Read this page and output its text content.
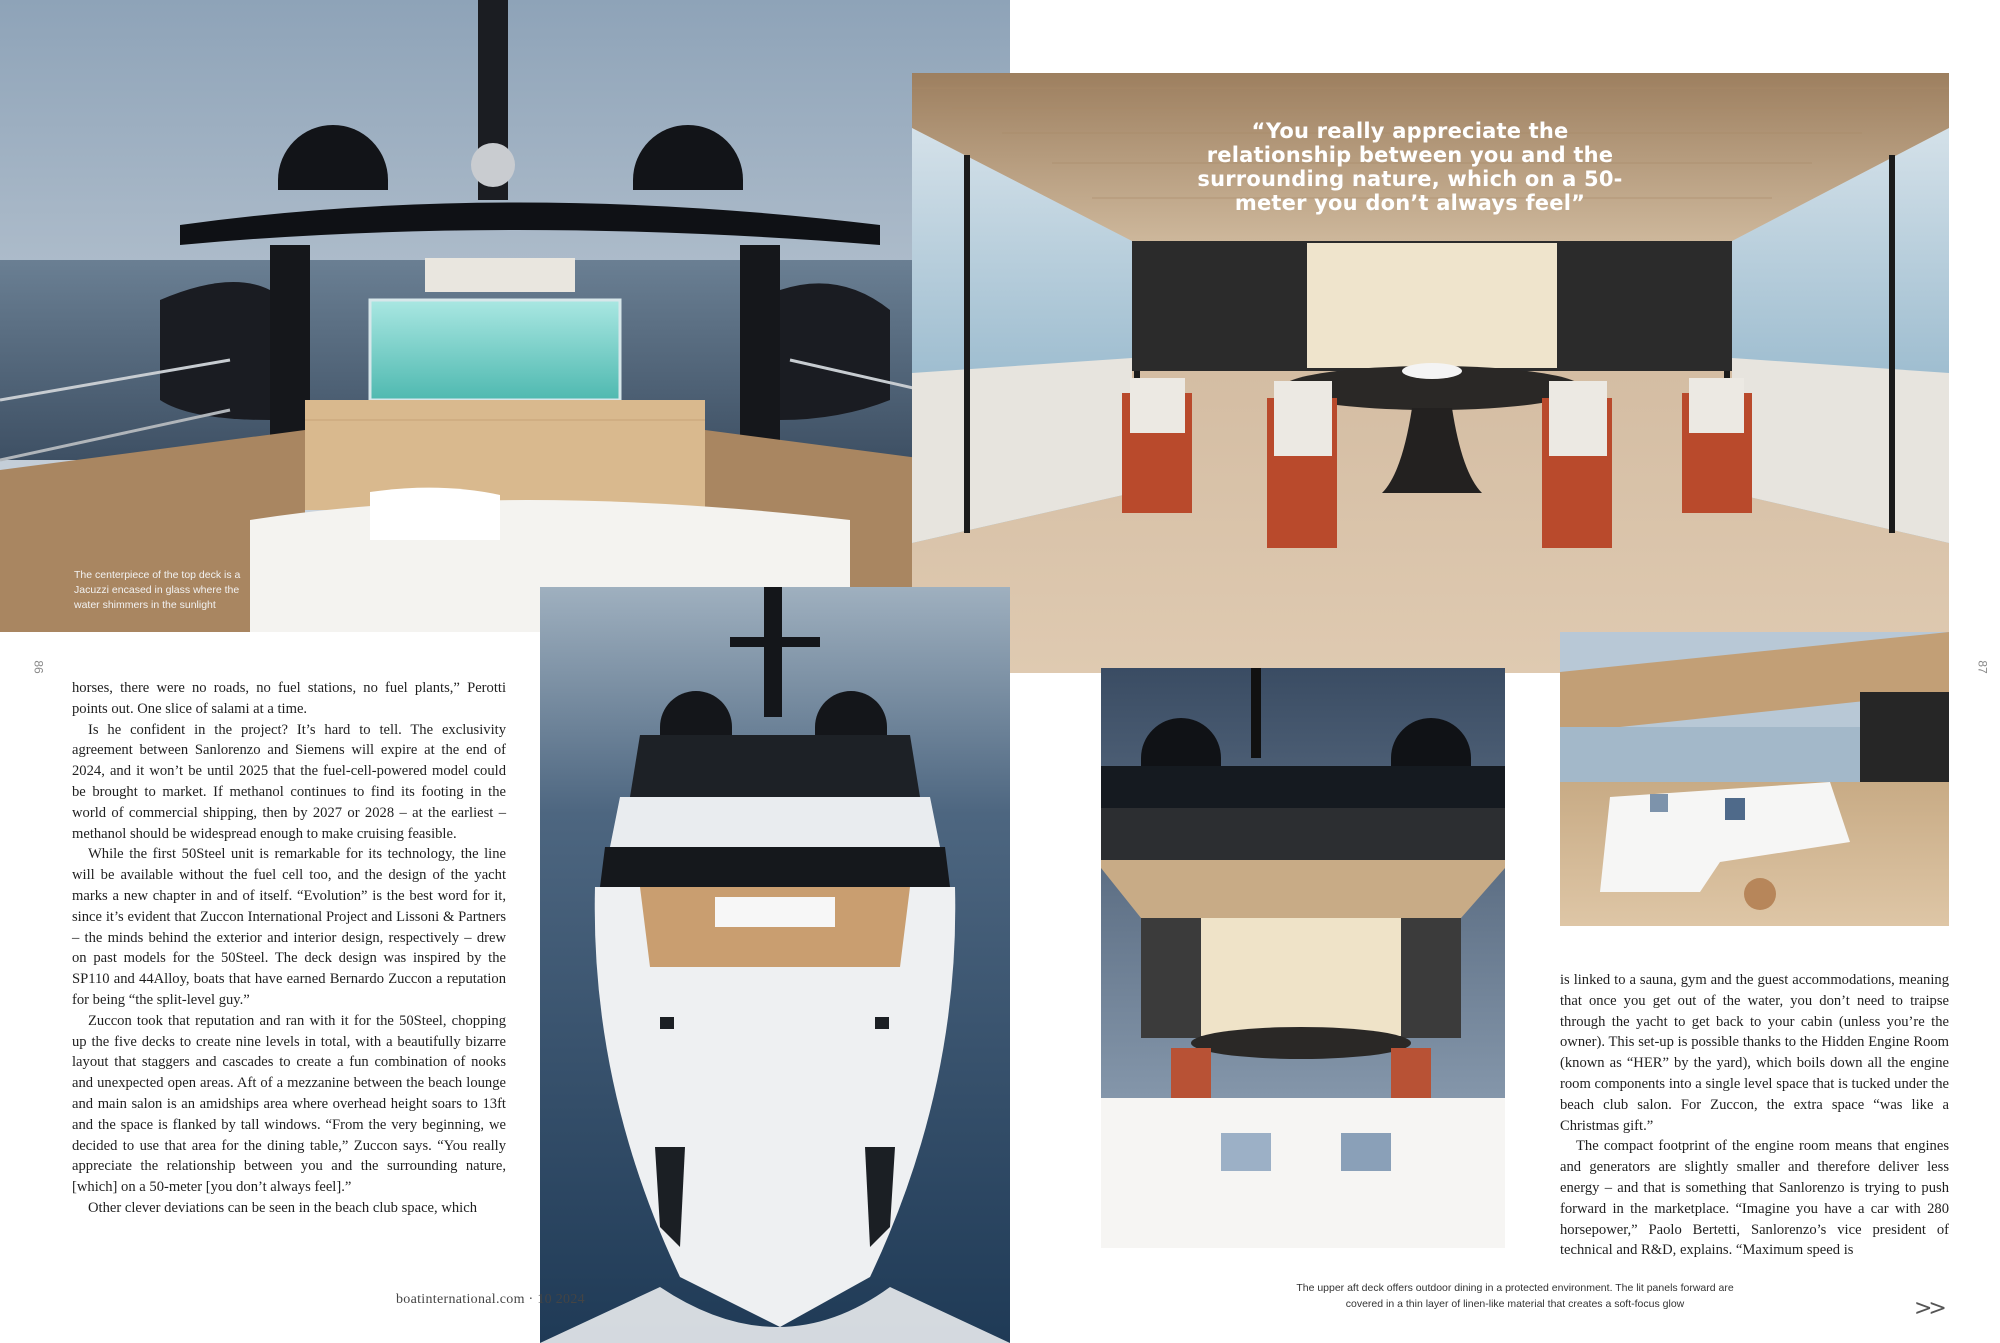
The centerpiece of the top deck is a Jacuzzi encased in glass where the water shimmers in the sunlight
“You really appreciate the relationship between you and the surrounding nature, which on a 50-meter you don’t always feel”
86	87

horses, there were no roads, no fuel stations, no fuel plants,” Perotti points out. One slice of salami at a time.

Is he confident in the project? It’s hard to tell. The exclusivity agreement between Sanlorenzo and Siemens will expire at the end of 2024, and it won’t be until 2025 that the fuel-cell-powered model could be brought to market. If methanol continues to find its footing in the world of commercial shipping, then by 2027 or 2028 – at the earliest – methanol should be widespread enough to make cruising feasible.

While the first 50Steel unit is remarkable for its technology, the line will be available without the fuel cell too, and the design of the yacht marks a new chapter in and of itself. “Evolution” is the best word for it, since it’s evident that Zuccon International Project and Lissoni & Partners – the minds behind the exterior and interior design, respectively – drew on past models for the 50Steel. The deck design was inspired by the SP110 and 44Alloy, boats that have earned Bernardo Zuccon a reputation for being “the split-level guy.”

Zuccon took that reputation and ran with it for the 50Steel, chopping up the five decks to create nine levels in total, with a beautifully bizarre layout that staggers and cascades to create a fun combination of nooks and unexpected open areas. Aft of a mezzanine between the beach lounge and main salon is an amidships area where overhead height soars to 13ft and the space is flanked by tall windows. “From the very beginning, we decided to use that area for the dining table,” Zuccon says. “You really appreciate the relationship between you and the surrounding nature, [which] on a 50-meter [you don’t always feel].”

Other clever deviations can be seen in the beach club space, which

is linked to a sauna, gym and the guest accommodations, meaning that once you get out of the water, you don’t need to traipse through the yacht to get back to your cabin (unless you’re the owner). This set-up is possible thanks to the Hidden Engine Room (known as “HER” by the yard), which boils down all the engine room components into a single level space that is tucked under the beach club salon. For Zuccon, the extra space “was like a Christmas gift.”

The compact footprint of the engine room means that engines and generators are slightly smaller and therefore deliver less energy – and that is something that Sanlorenzo is trying to push forward in the marketplace. “Imagine you have a car with 280 horsepower,” Paolo Bertetti, Sanlorenzo’s vice president of technical and R&D, explains. “Maximum speed is

The upper aft deck offers outdoor dining in a protected environment. The lit panels forward are covered in a thin layer of linen-like material that creates a soft-focus glow
boatinternational.com · 10 2024	>>
